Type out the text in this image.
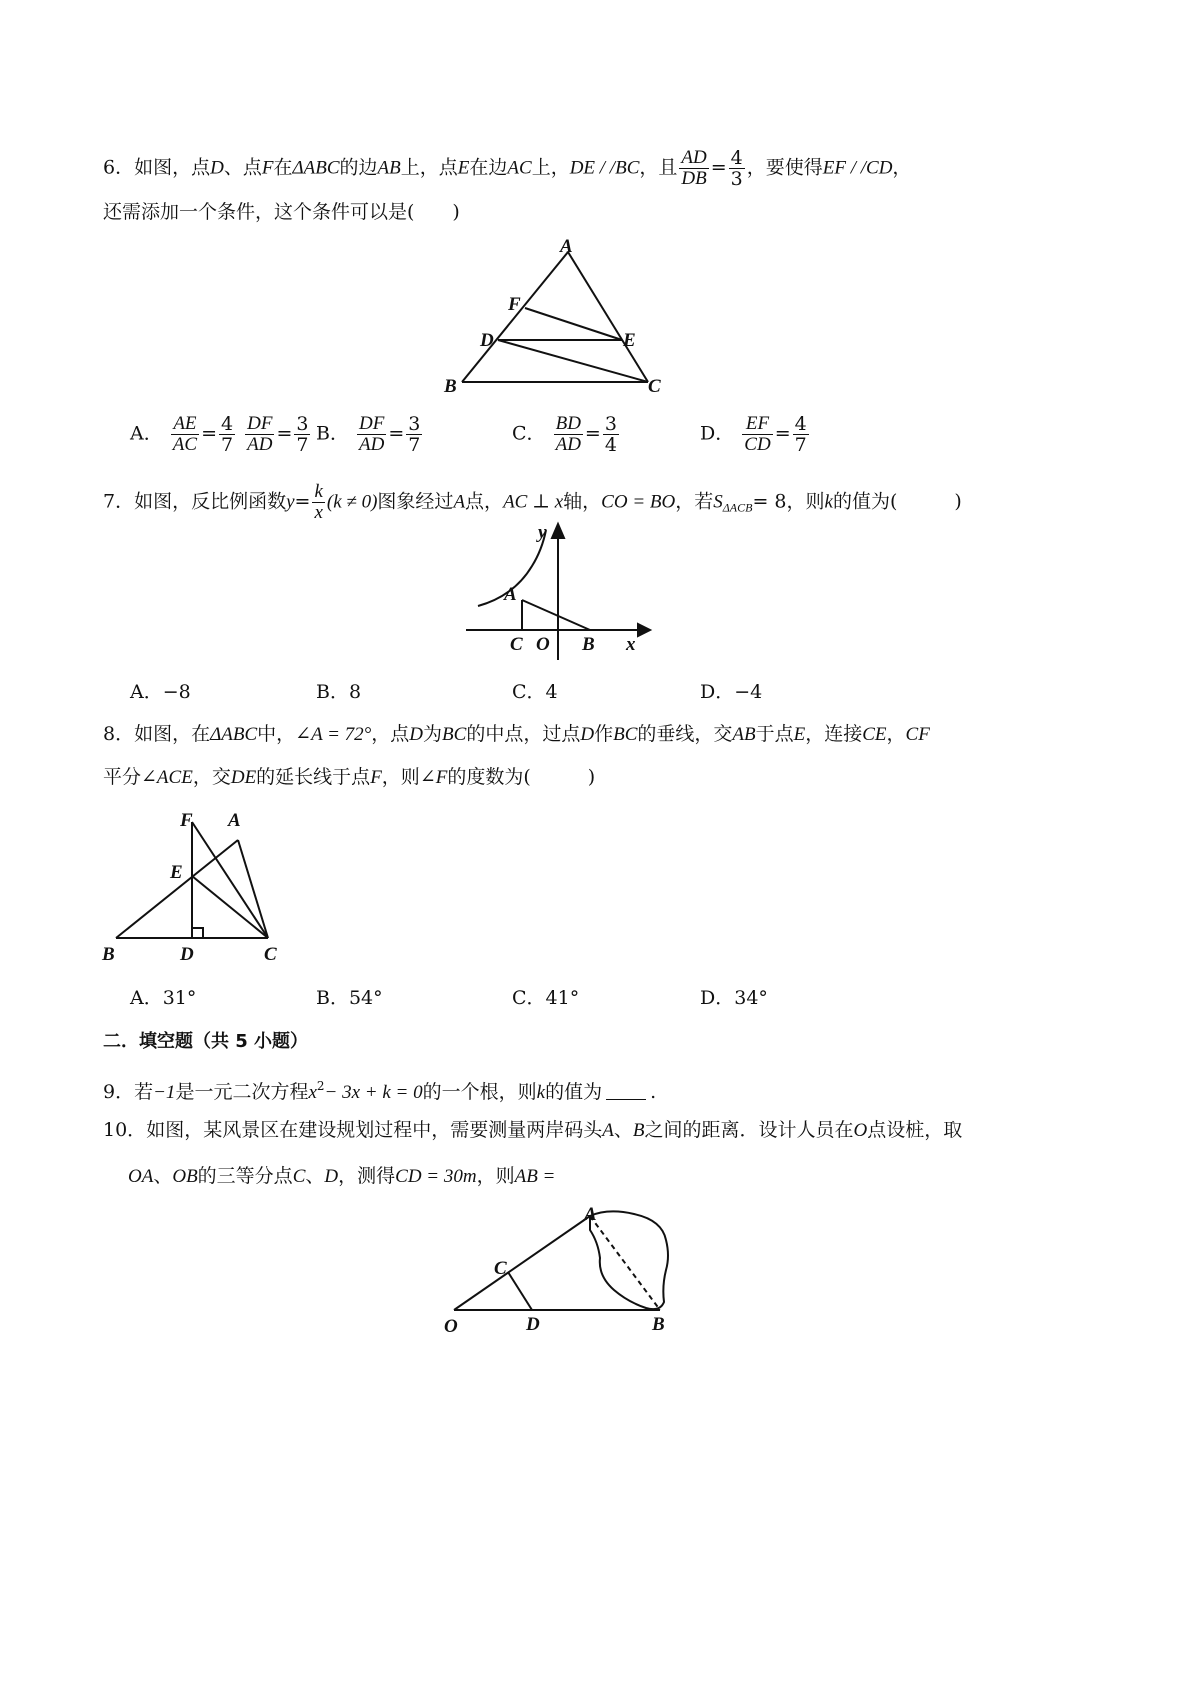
6．如图，点D、点F在ΔABC的边AB上，点E在边AC上，DE / /BC，且 $\frac{AD}{DB} = \frac{4}{3}$ ，要使得EF / /CD，
还需添加一个条件，这个条件可以是(　　)
A
B	C
D	E
F
A． $\frac{AE}{AC} = \frac{4}{7}$
$\frac{DF}{AD} = \frac{3}{7}$ B． $\frac{DF}{AD} = \frac{3}{7}$	C． $\frac{BD}{AD} = \frac{3}{4}$	D． $\frac{EF}{CD} = \frac{4}{7}$
7．如图，反比例函数$y= \frac{k}{x} (k \ne 0)$图象经过A点，AC ⊥ x轴，CO = BO，若$S_{\Delta ACB}= 8$，则k的值为(　　　)
y
x
A
C O B
A．−8	B．8	C．4	D．−4
8．如图，在ΔABC中，∠A = 72°，点D为BC的中点，过点D作BC的垂线，交AB于点E，连接CE，CF
平分∠ACE，交DE的延长线于点F，则∠F的度数为(　　　)
F A
E
B	D	C
A．31°	B．54°	C．41°	D．34°
二．填空题（共 5 小题）
9．若−1是一元二次方程$x^2- 3x + k = 0$的一个根，则k的值为	.
10．如图，某风景区在建设规划过程中，需要测量两岸码头A、B之间的距离．设计人员在O点设桩，取
OA、OB的三等分点C、D，测得CD = 30m，则AB =
A
C
O	D	B
